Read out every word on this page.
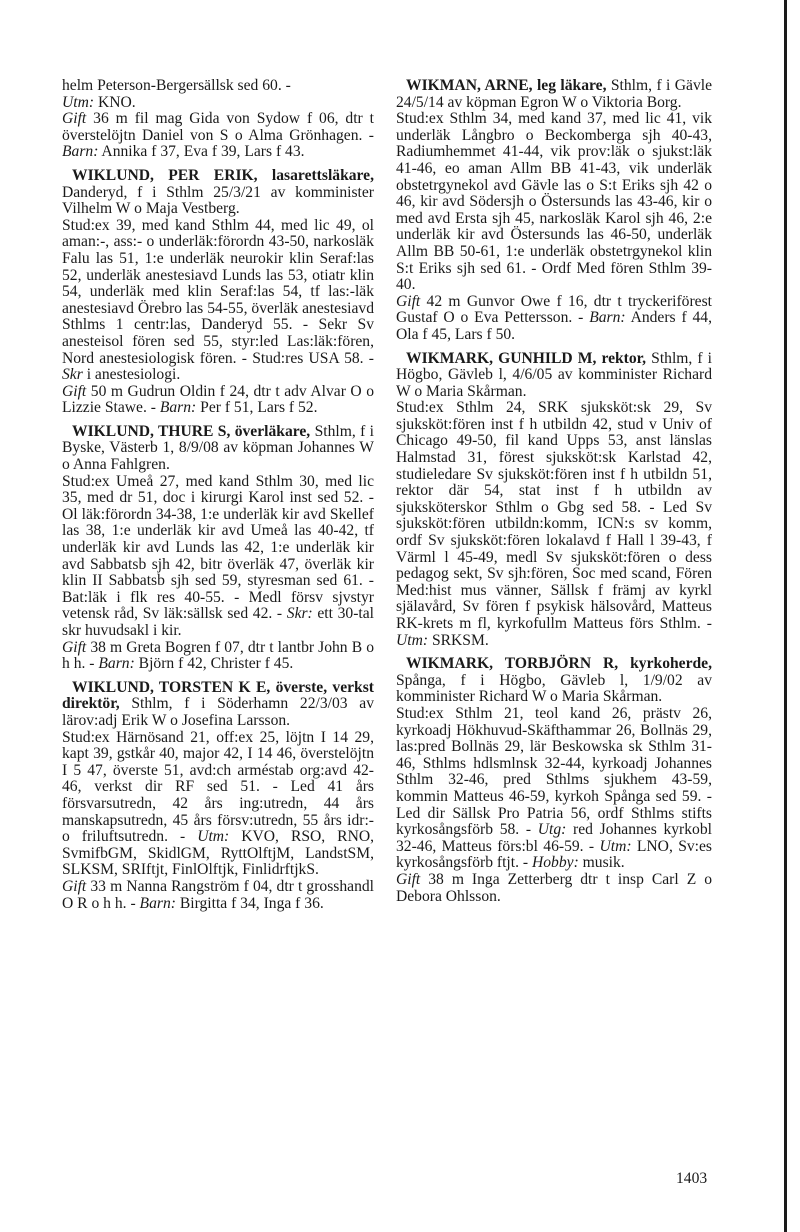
helm Peterson-Bergersällsk sed 60. -

Utm: KNO.

Gift 36 m fil mag Gida von Sydow f 06, dtr t överstelöjtn Daniel von S o Alma Grönhagen. - Barn: Annika f 37, Eva f 39, Lars f 43.

WIKLUND, PER ERIK, lasarettsläkare, Danderyd, f i Sthlm 25/3/21 av komminister Vilhelm W o Maja Vestberg.

Stud:ex 39, med kand Sthlm 44, med lic 49, ol aman:-, ass:- o underläk:förordn 43-50, narkosläk Falu las 51, 1:e underläk neurokir klin Seraf:las 52, underläk anestesiavd Lunds las 53, otiatr klin 54, underläk med klin Seraf:las 54, tf las:-läk anestesiavd Örebro las 54-55, överläk anestesiavd Sthlms 1 centr:las, Danderyd 55. - Sekr Sv anesteisol fören sed 55, styr:led Las:läk:fören, Nord anestesiologisk fören. - Stud:res USA 58. - Skr i anestesiologi.

Gift 50 m Gudrun Oldin f 24, dtr t adv Alvar O o Lizzie Stawe. - Barn: Per f 51, Lars f 52.

WIKLUND, THURE S, överläkare, Sthlm, f i Byske, Västerb 1, 8/9/08 av köpman Johannes W o Anna Fahlgren.

Stud:ex Umeå 27, med kand Sthlm 30, med lic 35, med dr 51, doc i kirurgi Karol inst sed 52. - Ol läk:förordn 34-38, 1:e underläk kir avd Skellef las 38, 1:e underläk kir avd Umeå las 40-42, tf underläk kir avd Lunds las 42, 1:e underläk kir avd Sabbatsb sjh 42, bitr överläk 47, överläk kir klin II Sabbatsb sjh sed 59, styresman sed 61. - Bat:läk i flk res 40-55. - Medl försv sjvstyr vetensk råd, Sv läk:sällsk sed 42. - Skr: ett 30-tal skr huvudsakl i kir.

Gift 38 m Greta Bogren f 07, dtr t lantbr John B o h h. - Barn: Björn f 42, Christer f 45.

WIKLUND, TORSTEN K E, överste, verkst direktör, Sthlm, f i Söderhamn 22/3/03 av lärov:adj Erik W o Josefina Larsson.

Stud:ex Härnösand 21, off:ex 25, löjtn I 14 29, kapt 39, gstkår 40, major 42, I 14 46, överstelöjtn I 5 47, överste 51, avd:ch arméstab org:avd 42-46, verkst dir RF sed 51. - Led 41 års försvarsutredn, 42 års ing:utredn, 44 års manskapsutredn, 45 års försv:utredn, 55 års idr:- o friluftsutredn. - Utm: KVO, RSO, RNO, SvmifbGM, SkidlGM, RyttOlftjM, LandstSM, SLKSM, SRIftjt, FinlOlftjk, FinlidrftjkS.

Gift 33 m Nanna Rangström f 04, dtr t grosshandl O R o h h. - Barn: Birgitta f 34, Inga f 36.

WIKMAN, ARNE, leg läkare, Sthlm, f i Gävle 24/5/14 av köpman Egron W o Viktoria Borg.

Stud:ex Sthlm 34, med kand 37, med lic 41, vik underläk Långbro o Beckomberga sjh 40-43, Radiumhemmet 41-44, vik prov:läk o sjukst:läk 41-46, eo aman Allm BB 41-43, vik underläk obstetrgynekol avd Gävle las o S:t Eriks sjh 42 o 46, kir avd Södersjh o Östersunds las 43-46, kir o med avd Ersta sjh 45, narkosläk Karol sjh 46, 2:e underläk kir avd Östersunds las 46-50, underläk Allm BB 50-61, 1:e underläk obstetrgynekol klin S:t Eriks sjh sed 61. - Ordf Med fören Sthlm 39-40.

Gift 42 m Gunvor Owe f 16, dtr t tryckeriförest Gustaf O o Eva Pettersson. - Barn: Anders f 44, Ola f 45, Lars f 50.

WIKMARK, GUNHILD M, rektor, Sthlm, f i Högbo, Gävleb l, 4/6/05 av komminister Richard W o Maria Skårman.

Stud:ex Sthlm 24, SRK sjuksköt:sk 29, Sv sjuksköt:fören inst f h utbildn 42, stud v Univ of Chicago 49-50, fil kand Upps 53, anst länslas Halmstad 31, förest sjuksköt:sk Karlstad 42, studieledare Sv sjuksköt:fören inst f h utbildn 51, rektor där 54, stat inst f h utbildn av sjuksköterskor Sthlm o Gbg sed 58. - Led Sv sjuksköt:fören utbildn:komm, ICN:s sv komm, ordf Sv sjuksköt:fören lokalavd f Hall l 39-43, f Värml l 45-49, medl Sv sjuksköt:fören o dess pedagog sekt, Sv sjh:fören, Soc med scand, Fören Med:hist mus vänner, Sällsk f främj av kyrkl själavård, Sv fören f psykisk hälsovård, Matteus RK-krets m fl, kyrkofullm Matteus förs Sthlm. - Utm: SRKSM.

WIKMARK, TORBJÖRN R, kyrkoherde, Spånga, f i Högbo, Gävleb l, 1/9/02 av komminister Richard W o Maria Skårman.

Stud:ex Sthlm 21, teol kand 26, prästv 26, kyrkoadj Hökhuvud-Skäfthammar 26, Bollnäs 29, las:pred Bollnäs 29, lär Beskowska sk Sthlm 31-46, Sthlms hdlsmlnsk 32-44, kyrkoadj Johannes Sthlm 32-46, pred Sthlms sjukhem 43-59, kommin Matteus 46-59, kyrkoh Spånga sed 59. - Led dir Sällsk Pro Patria 56, ordf Sthlms stifts kyrkosångsförb 58. - Utg: red Johannes kyrkobl 32-46, Matteus förs:bl 46-59. - Utm: LNO, Sv:es kyrkosångsförb ftjt. - Hobby: musik.

Gift 38 m Inga Zetterberg dtr t insp Carl Z o Debora Ohlsson.

1403
